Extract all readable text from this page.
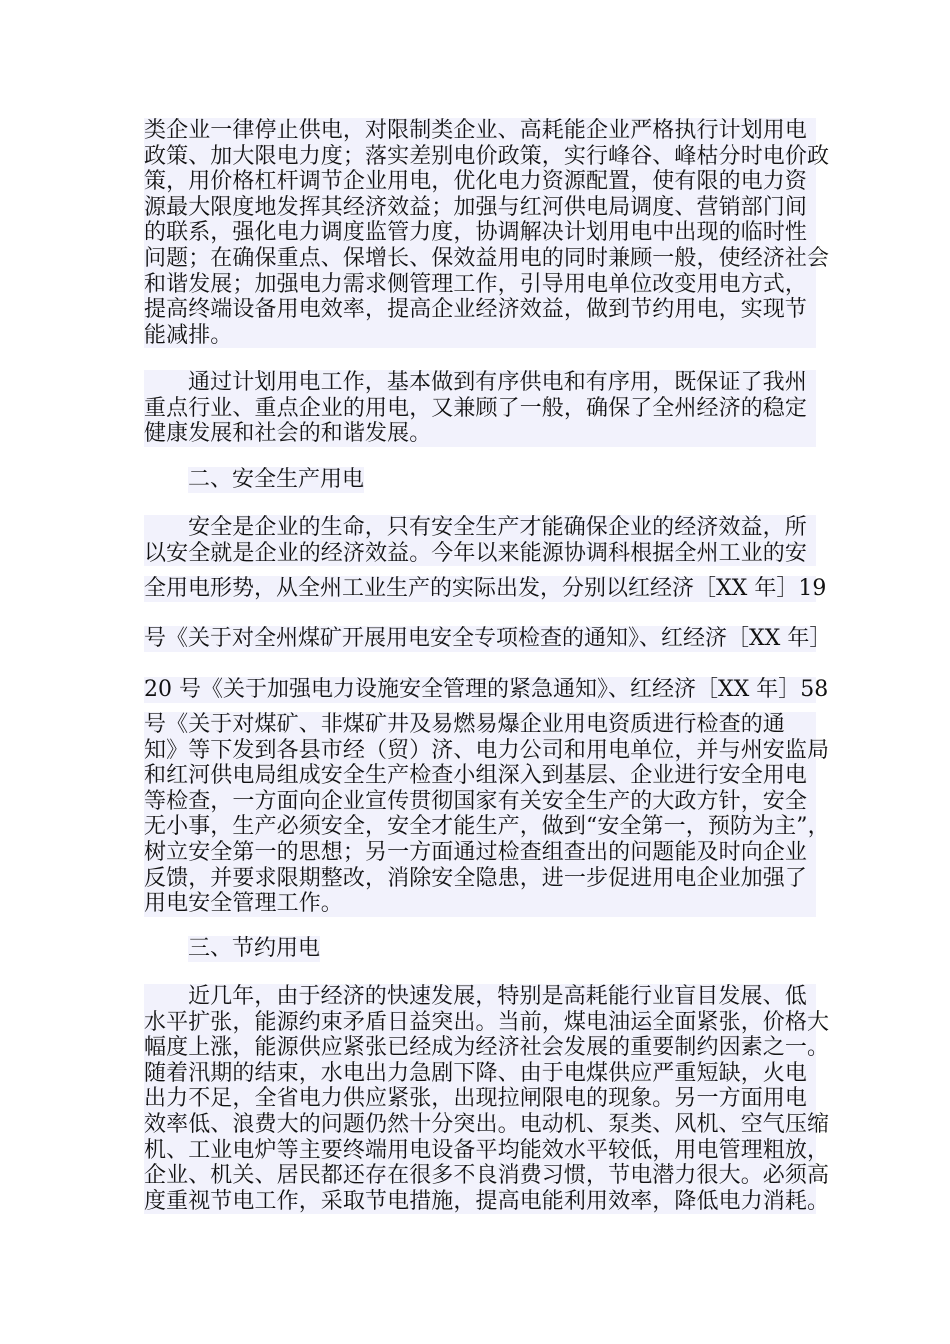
类企业一律停止供电，对限制类企业、高耗能企业严格执行计划用电
政策、加大限电力度；落实差别电价政策，实行峰谷、峰枯分时电价政
策，用价格杠杆调节企业用电，优化电力资源配置，使有限的电力资
源最大限度地发挥其经济效益；加强与红河供电局调度、营销部门间
的联系，强化电力调度监管力度，协调解决计划用电中出现的临时性
问题；在确保重点、保增长、保效益用电的同时兼顾一般，使经济社会
和谐发展；加强电力需求侧管理工作，引导用电单位改变用电方式，
提高终端设备用电效率，提高企业经济效益，做到节约用电，实现节
能减排。
通过计划用电工作，基本做到有序供电和有序用，既保证了我州
重点行业、重点企业的用电，又兼顾了一般，确保了全州经济的稳定
健康发展和社会的和谐发展。
二、安全生产用电
安全是企业的生命，只有安全生产才能确保企业的经济效益，所
以安全就是企业的经济效益。今年以来能源协调科根据全州工业的安
全用电形势，从全州工业生产的实际出发，分别以红经济［XX 年］19
号《关于对全州煤矿开展用电安全专项检查的通知》、红经济［XX 年］
20 号《关于加强电力设施安全管理的紧急通知》、红经济［XX 年］58
号《关于对煤矿、非煤矿井及易燃易爆企业用电资质进行检查的通
知》等下发到各县市经（贸）济、电力公司和用电单位，并与州安监局
和红河供电局组成安全生产检查小组深入到基层、企业进行安全用电
等检查，一方面向企业宣传贯彻国家有关安全生产的大政方针，安全
无小事，生产必须安全，安全才能生产，做到“安全第一，预防为主”，
树立安全第一的思想；另一方面通过检查组查出的问题能及时向企业
反馈，并要求限期整改，消除安全隐患，进一步促进用电企业加强了
用电安全管理工作。
三、节约用电
近几年，由于经济的快速发展，特别是高耗能行业盲目发展、低
水平扩张，能源约束矛盾日益突出。当前，煤电油运全面紧张，价格大
幅度上涨，能源供应紧张已经成为经济社会发展的重要制约因素之一。
随着汛期的结束，水电出力急剧下降、由于电煤供应严重短缺，火电
出力不足，全省电力供应紧张，出现拉闸限电的现象。另一方面用电
效率低、浪费大的问题仍然十分突出。电动机、泵类、风机、空气压缩
机、工业电炉等主要终端用电设备平均能效水平较低，用电管理粗放，
企业、机关、居民都还存在很多不良消费习惯，节电潜力很大。必须高
度重视节电工作，采取节电措施，提高电能利用效率，降低电力消耗。
